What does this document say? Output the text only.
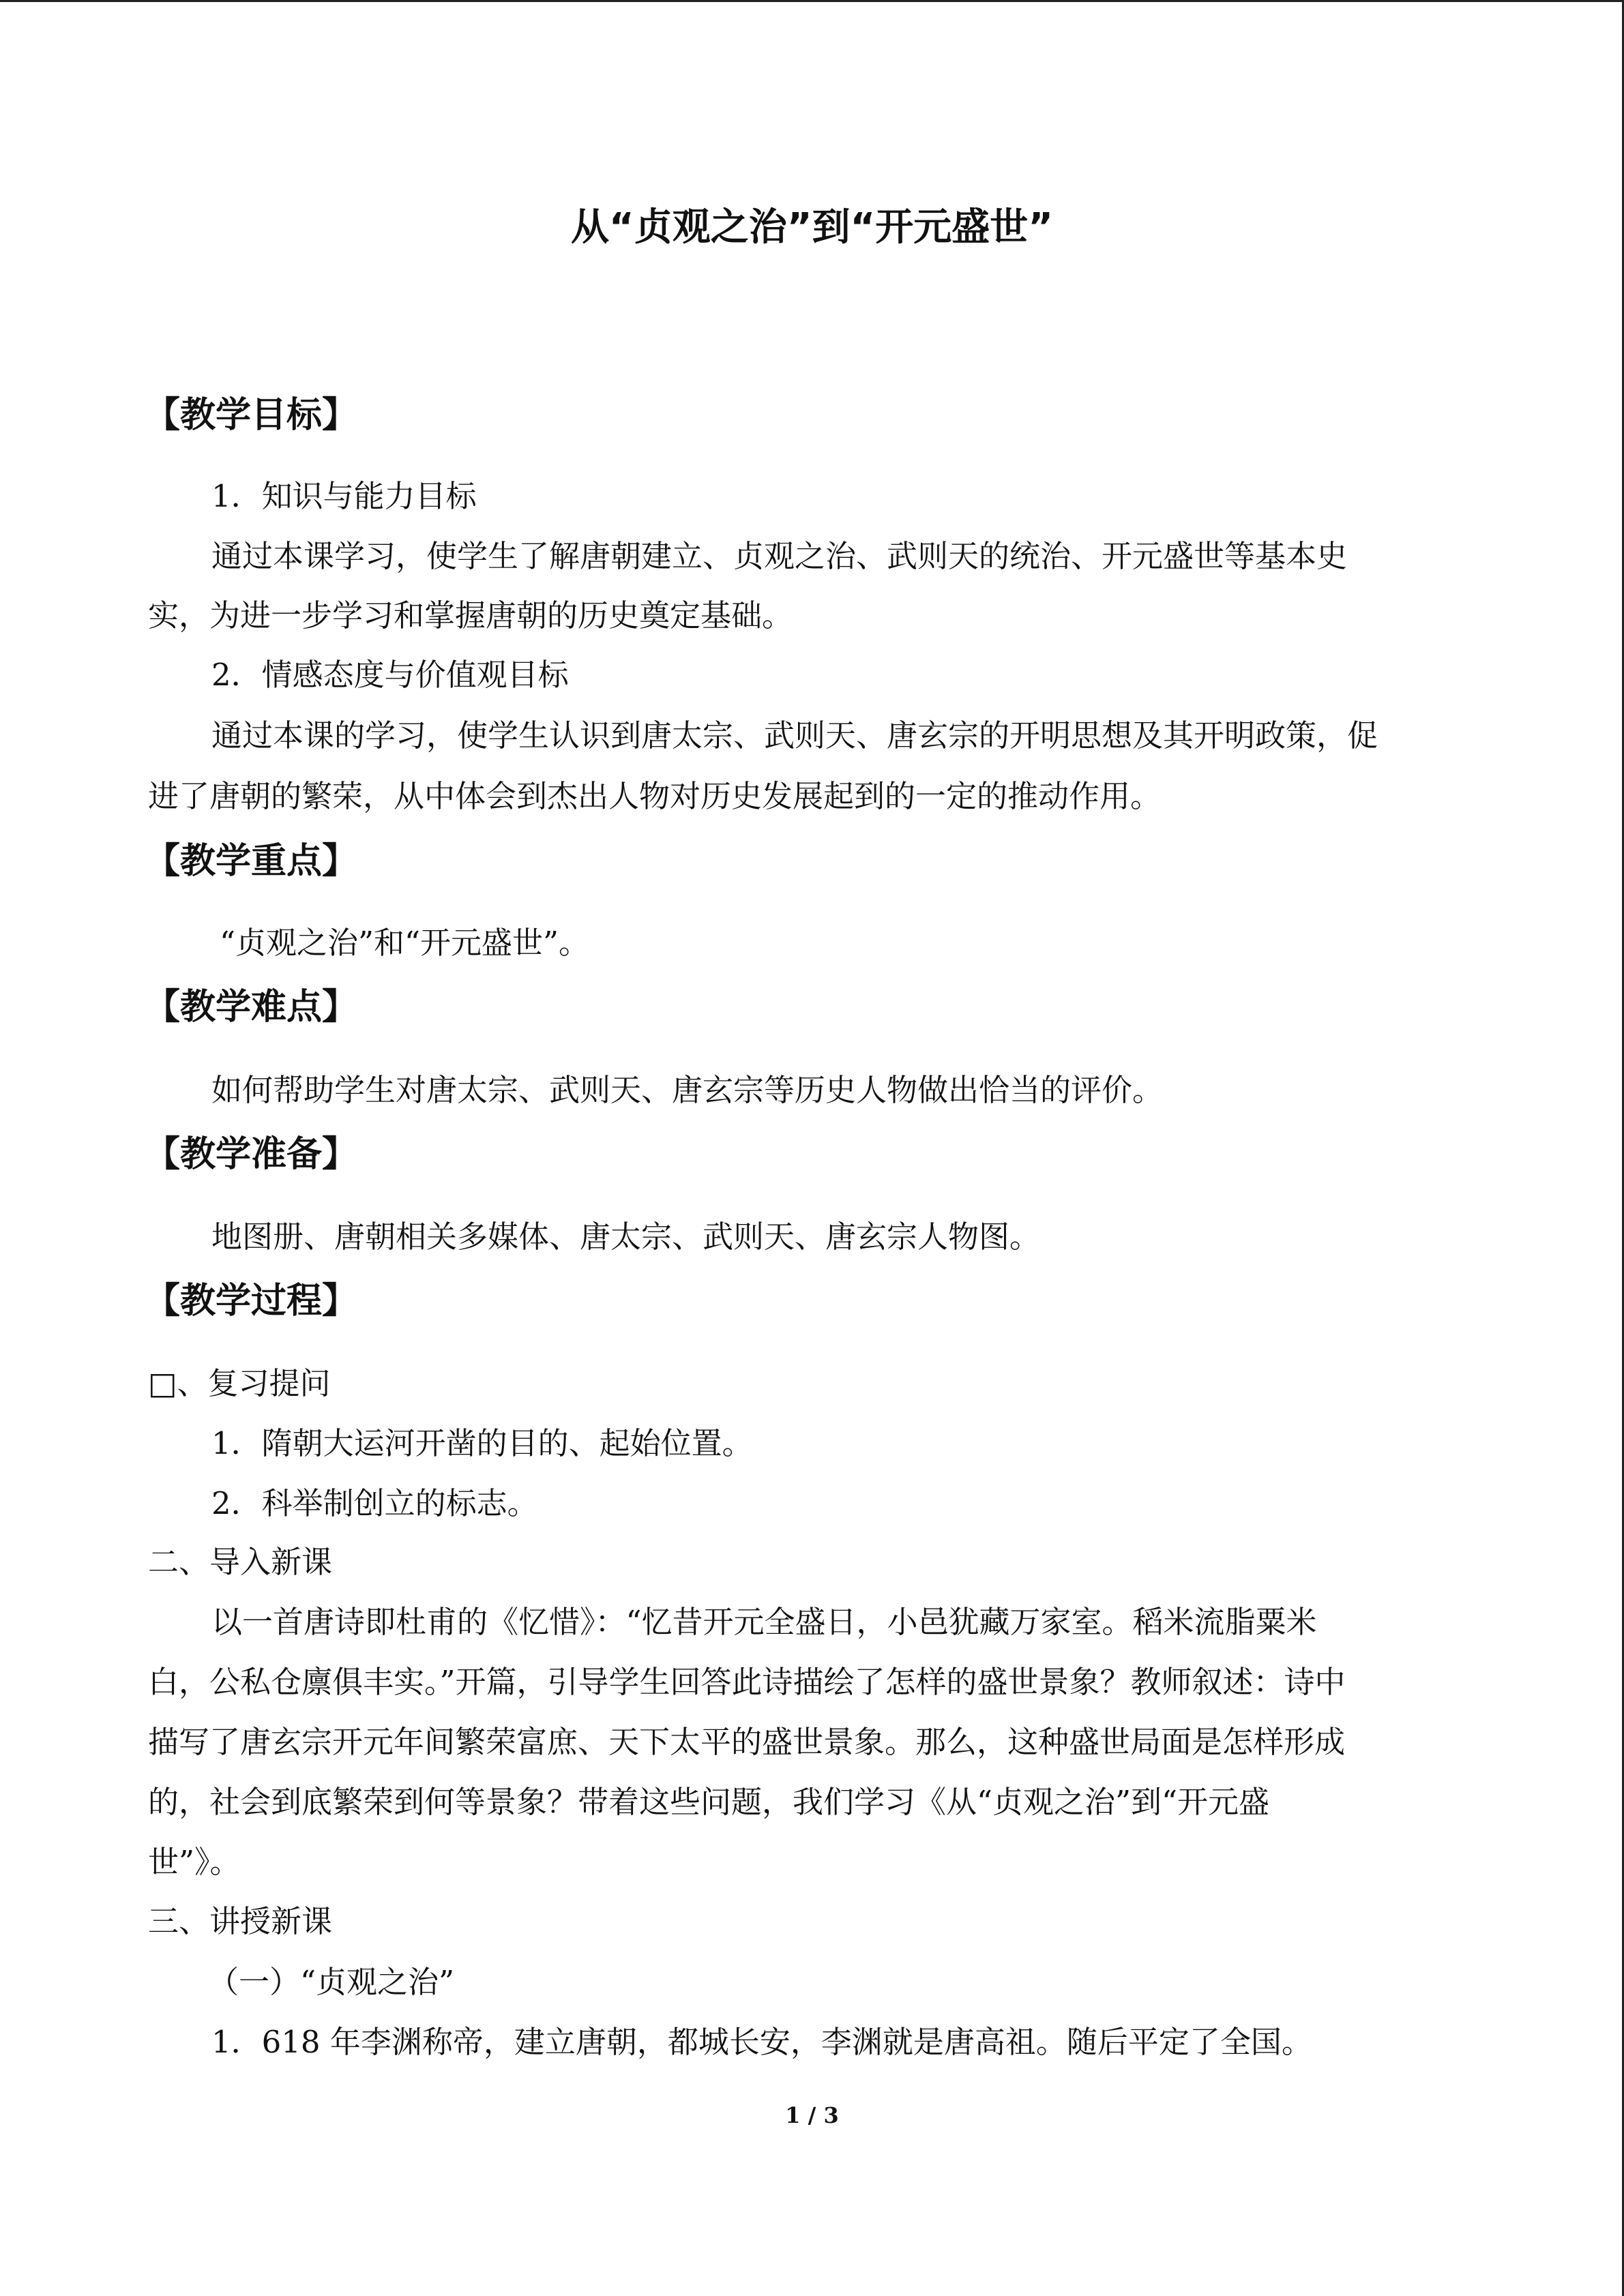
从“贞观之治”到“开元盛世”
【教学目标】
1．知识与能力目标
通过本课学习，使学生了解唐朝建立、贞观之治、武则天的统治、开元盛世等基本史
实，为进一步学习和掌握唐朝的历史奠定基础。
2．情感态度与价值观目标
通过本课的学习，使学生认识到唐太宗、武则天、唐玄宗的开明思想及其开明政策，促
进了唐朝的繁荣，从中体会到杰出人物对历史发展起到的一定的推动作用。
【教学重点】
“贞观之治”和“开元盛世”。
【教学难点】
如何帮助学生对唐太宗、武则天、唐玄宗等历史人物做出恰当的评价。
【教学准备】
地图册、唐朝相关多媒体、唐太宗、武则天、唐玄宗人物图。
【教学过程】
□、复习提问
1．隋朝大运河开凿的目的、起始位置。
2．科举制创立的标志。
二、导入新课
以一首唐诗即杜甫的《忆惜》：“忆昔开元全盛日，小邑犹藏万家室。稻米流脂粟米
白，公私仓廪俱丰实。”开篇，引导学生回答此诗描绘了怎样的盛世景象？教师叙述：诗中
描写了唐玄宗开元年间繁荣富庶、天下太平的盛世景象。那么，这种盛世局面是怎样形成
的，社会到底繁荣到何等景象？带着这些问题，我们学习《从“贞观之治”到“开元盛
世”》。
三、讲授新课
（一）“贞观之治”
1．618 年李渊称帝，建立唐朝，都城长安，李渊就是唐高祖。随后平定了全国。
1 / 3
